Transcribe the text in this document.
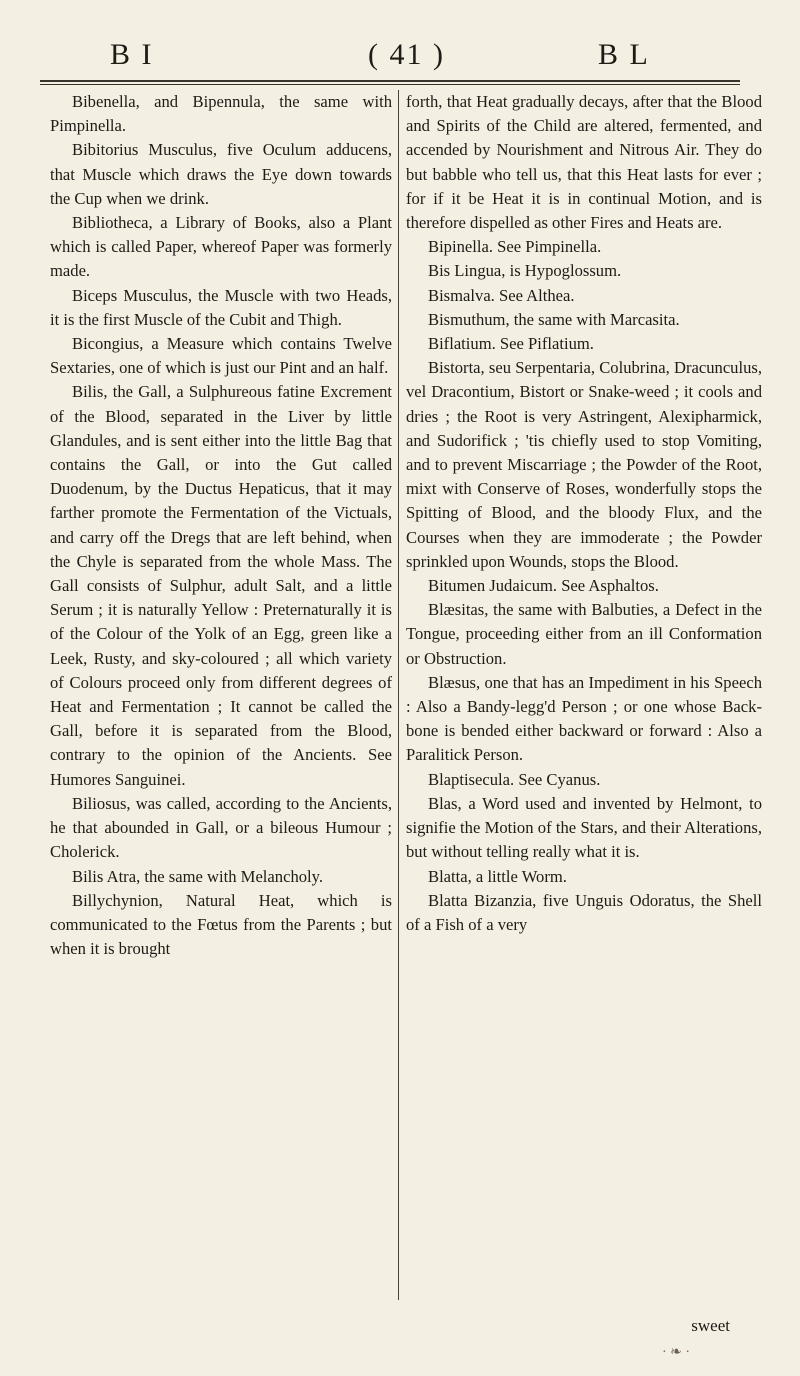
B I	( 41 )	B L

Bibenella, and Bipennula, the same with Pimpinella.

Bibitorius Musculus, five Oculum adducens, that Muscle which draws the Eye down towards the Cup when we drink.

Bibliotheca, a Library of Books, also a Plant which is called Paper, whereof Paper was formerly made.

Biceps Musculus, the Muscle with two Heads, it is the first Muscle of the Cubit and Thigh.

Bicongius, a Measure which contains Twelve Sextaries, one of which is just our Pint and an half.

Bilis, the Gall, a Sulphureous fatine Excrement of the Blood, separated in the Liver by little Glandules, and is sent either into the little Bag that contains the Gall, or into the Gut called Duodenum, by the Ductus Hepaticus, that it may farther promote the Fermentation of the Victuals, and carry off the Dregs that are left behind, when the Chyle is separated from the whole Mass. The Gall consists of Sulphur, adult Salt, and a little Serum ; it is naturally Yellow : Preternaturally it is of the Colour of the Yolk of an Egg, green like a Leek, Rusty, and sky-coloured ; all which variety of Colours proceed only from different degrees of Heat and Fermentation ; It cannot be called the Gall, before it is separated from the Blood, contrary to the opinion of the Ancients. See Humores Sanguinei.

Biliosus, was called, according to the Ancients, he that abounded in Gall, or a bileous Humour ; Cholerick.

Bilis Atra, the same with Melancholy.

Billychynion, Natural Heat, which is communicated to the Fœtus from the Parents ; but when it is brought

forth, that Heat gradually decays, after that the Blood and Spirits of the Child are altered, fermented, and accended by Nourishment and Nitrous Air. They do but babble who tell us, that this Heat lasts for ever ; for if it be Heat it is in continual Motion, and is therefore dispelled as other Fires and Heats are.

Bipinella. See Pimpinella.

Bis Lingua, is Hypoglossum.

Bismalva. See Althea.

Bismuthum, the same with Marcasita.

Biflatium. See Piflatium.

Bistorta, seu Serpentaria, Colubrina, Dracunculus, vel Dracontium, Bistort or Snake-weed ; it cools and dries ; the Root is very Astringent, Alexipharmick, and Sudorifick ; 'tis chiefly used to stop Vomiting, and to prevent Miscarriage ; the Powder of the Root, mixt with Conserve of Roses, wonderfully stops the Spitting of Blood, and the bloody Flux, and the Courses when they are immoderate ; the Powder sprinkled upon Wounds, stops the Blood.

Bitumen Judaicum. See Asphaltos.

Blæsitas, the same with Balbuties, a Defect in the Tongue, proceeding either from an ill Conformation or Obstruction.

Blæsus, one that has an Impediment in his Speech : Also a Bandy-legg'd Person ; or one whose Back-bone is bended either backward or forward : Also a Paralitick Person.

Blaptisecula. See Cyanus.

Blas, a Word used and invented by Helmont, to signifie the Motion of the Stars, and their Alterations, but without telling really what it is.

Blatta, a little Worm.

Blatta Bizanzia, five Unguis Odoratus, the Shell of a Fish of a very

sweet
· ❧ ·
